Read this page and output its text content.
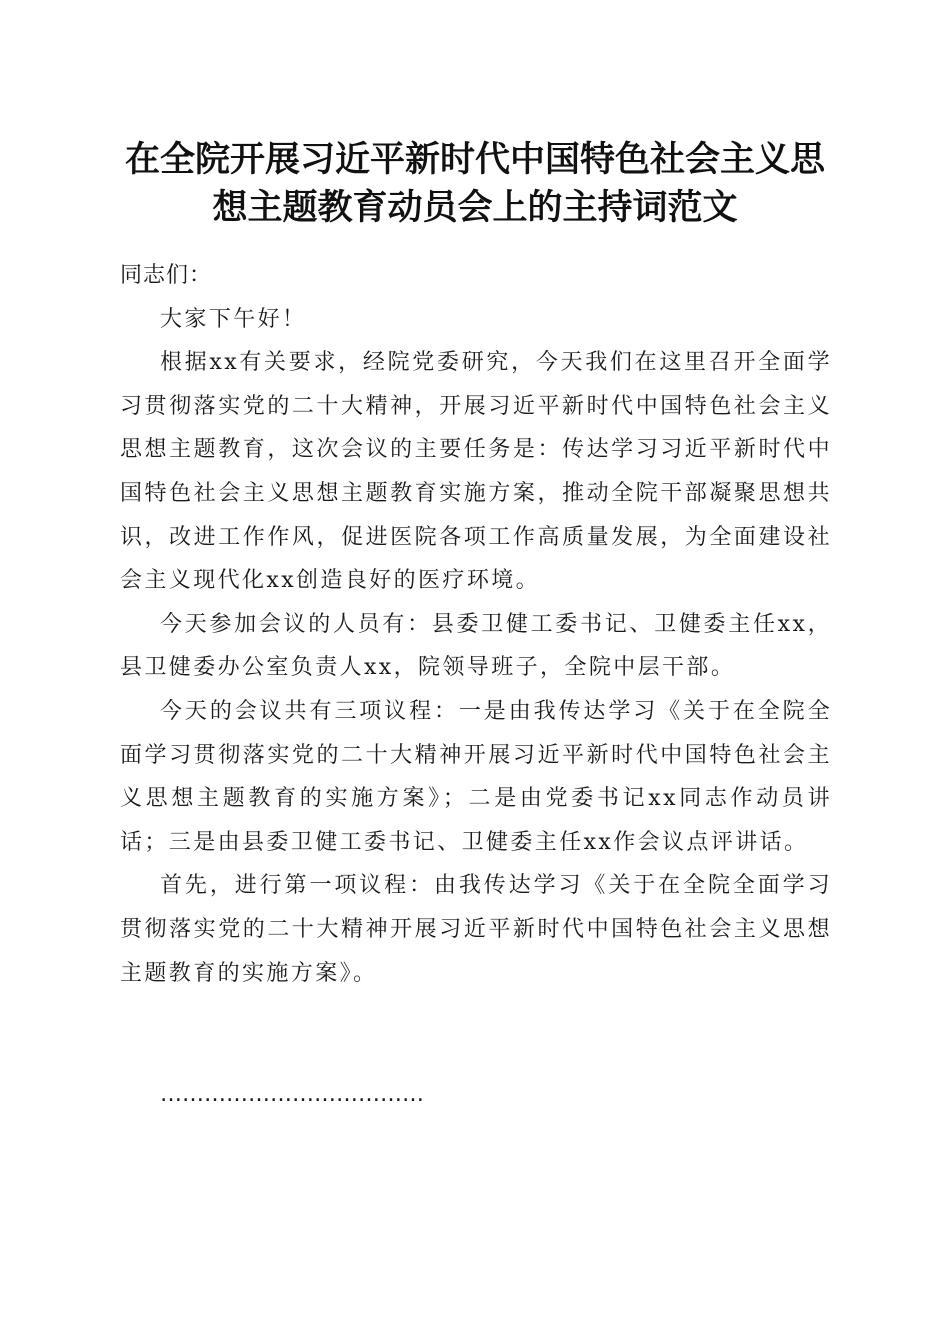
在全院开展习近平新时代中国特色社会主义思
想主题教育动员会上的主持词范文

同志们：

大家下午好！

根据xx有关要求，经院党委研究，今天我们在这里召开全面学习贯彻落实党的二十大精神，开展习近平新时代中国特色社会主义思想主题教育，这次会议的主要任务是：传达学习习近平新时代中国特色社会主义思想主题教育实施方案，推动全院干部凝聚思想共识，改进工作作风，促进医院各项工作高质量发展，为全面建设社会主义现代化xx创造良好的医疗环境。

今天参加会议的人员有：县委卫健工委书记、卫健委主任xx，县卫健委办公室负责人xx，院领导班子，全院中层干部。

今天的会议共有三项议程：一是由我传达学习《关于在全院全面学习贯彻落实党的二十大精神开展习近平新时代中国特色社会主义思想主题教育的实施方案》；二是由党委书记xx同志作动员讲话；三是由县委卫健工委书记、卫健委主任xx作会议点评讲话。

首先，进行第一项议程：由我传达学习《关于在全院全面学习贯彻落实党的二十大精神开展习近平新时代中国特色社会主义思想主题教育的实施方案》。

………………………………
